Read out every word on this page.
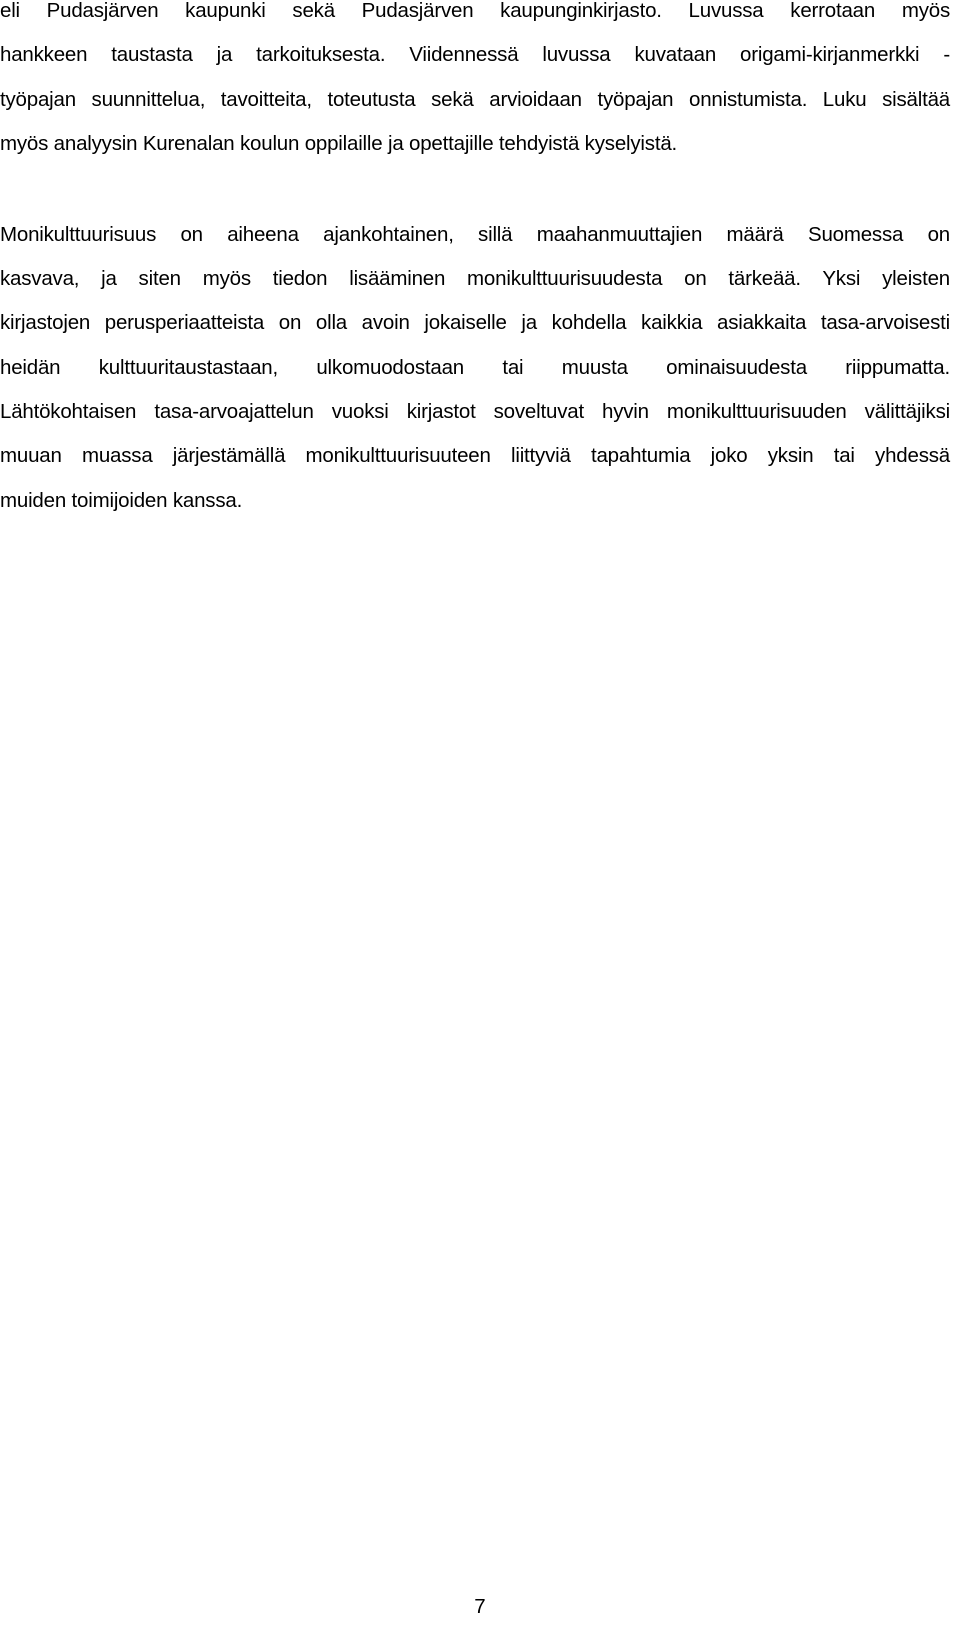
eli Pudasjärven kaupunki sekä Pudasjärven kaupunginkirjasto. Luvussa kerrotaan myös
hankkeen taustasta ja tarkoituksesta. Viidennessä luvussa kuvataan origami-kirjanmerkki -
työpajan suunnittelua, tavoitteita, toteutusta sekä arvioidaan työpajan onnistumista. Luku sisältää
myös analyysin Kurenalan koulun oppilaille ja opettajille tehdyistä kyselyistä.
Monikulttuurisuus on aiheena ajankohtainen, sillä maahanmuuttajien määrä Suomessa on
kasvava, ja siten myös tiedon lisääminen monikulttuurisuudesta on tärkeää. Yksi yleisten
kirjastojen perusperiaatteista on olla avoin jokaiselle ja kohdella kaikkia asiakkaita tasa-arvoisesti
heidän kulttuuritaustastaan, ulkomuodostaan tai muusta ominaisuudesta riippumatta.
Lähtökohtaisen tasa-arvoajattelun vuoksi kirjastot soveltuvat hyvin monikulttuurisuuden välittäjiksi
muuan muassa järjestämällä monikulttuurisuuteen liittyviä tapahtumia joko yksin tai yhdessä
muiden toimijoiden kanssa.
7
